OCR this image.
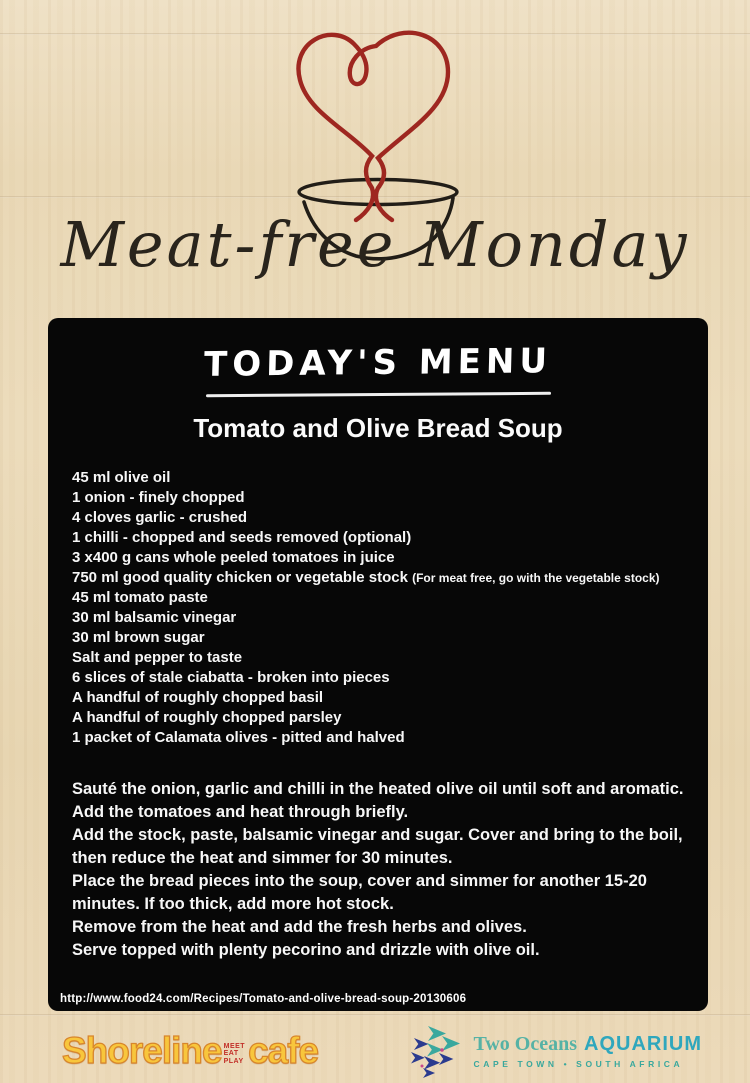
Meat-free Monday
TODAY'S MENU
Tomato and Olive Bread Soup
45 ml olive oil
1 onion - finely chopped
4 cloves garlic - crushed
1 chilli - chopped and seeds removed (optional)
3 x400 g cans whole peeled tomatoes in juice
750 ml good quality chicken or vegetable stock (For meat free, go with the vegetable stock)
45 ml tomato paste
30 ml balsamic vinegar
30 ml brown sugar
Salt and pepper to taste
6 slices of stale ciabatta - broken into pieces
A handful of roughly chopped basil
A handful of roughly chopped parsley
1 packet of Calamata olives - pitted and halved

Sauté the onion, garlic and chilli in the heated olive oil until soft and aromatic.

Add the tomatoes and heat through briefly.

Add the stock, paste, balsamic vinegar and sugar. Cover and bring to the boil, then reduce the heat and simmer for 30 minutes.

Place the bread pieces into the soup, cover and simmer for another 15-20 minutes. If too thick, add more hot stock.

Remove from the heat and add the fresh herbs and olives.

Serve topped with plenty pecorino and drizzle with olive oil.

http://www.food24.com/Recipes/Tomato-and-olive-bread-soup-20130606
Shoreline MEET
EAT
PLAY cafe	Two Oceans AQUARIUM
CAPE TOWN • SOUTH AFRICA
